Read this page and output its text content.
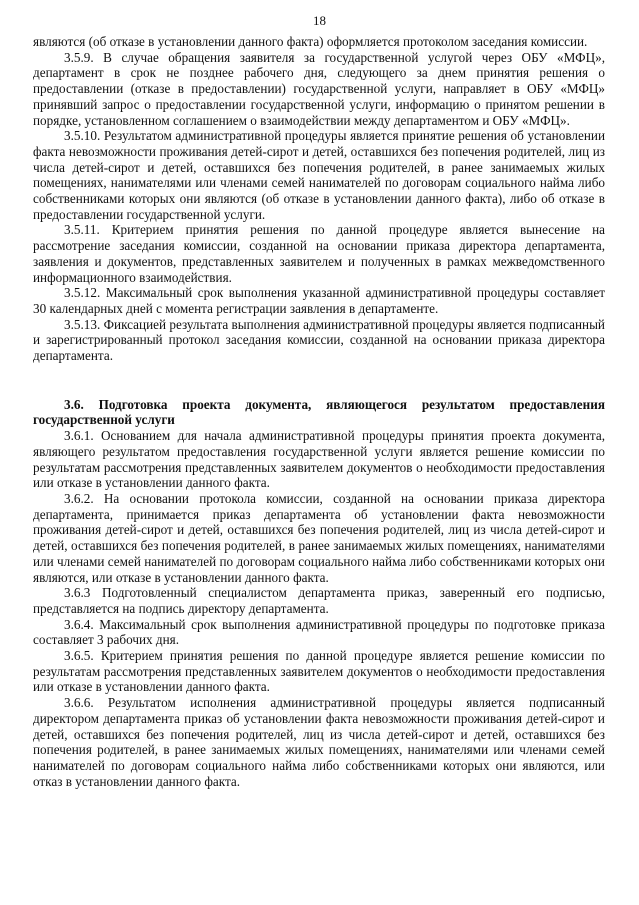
18

являются (об отказе в установлении данного факта) оформляется протоколом заседания комиссии.

3.5.9. В случае обращения заявителя за государственной услугой через ОБУ «МФЦ», департамент в срок не позднее рабочего дня, следующего за днем принятия решения о предоставлении (отказе в предоставлении) государственной услуги, направляет в ОБУ «МФЦ» принявший запрос о предоставлении государственной услуги, информацию о принятом решении в порядке, установленном соглашением о взаимодействии между департаментом и ОБУ «МФЦ».

3.5.10. Результатом административной процедуры является принятие решения об установлении факта невозможности проживания детей-сирот и детей, оставшихся без попечения родителей, лиц из числа детей-сирот и детей, оставшихся без попечения родителей, в ранее занимаемых жилых помещениях, нанимателями или членами семей нанимателей по договорам социального найма либо собственниками которых они являются (об отказе в установлении данного факта), либо об отказе в предоставлении государственной услуги.

3.5.11. Критерием принятия решения по данной процедуре является вынесение на рассмотрение заседания комиссии, созданной на основании приказа директора департамента, заявления и документов, представленных заявителем и полученных в рамках межведомственного информационного взаимодействия.

3.5.12. Максимальный срок выполнения указанной административной процедуры составляет 30 календарных дней с момента регистрации заявления в департаменте.

3.5.13. Фиксацией результата выполнения административной процедуры является подписанный и зарегистрированный протокол заседания комиссии, созданной на основании приказа директора департамента.

3.6. Подготовка проекта документа, являющегося результатом предоставления государственной услуги

3.6.1. Основанием для начала административной процедуры принятия проекта документа, являющего результатом предоставления государственной услуги является решение комиссии по результатам рассмотрения представленных заявителем документов о необходимости предоставления или отказе в установлении данного факта.

3.6.2. На основании протокола комиссии, созданной на основании приказа директора департамента, принимается приказ департамента об установлении факта невозможности проживания детей-сирот и детей, оставшихся без попечения родителей, лиц из числа детей-сирот и детей, оставшихся без попечения родителей, в ранее занимаемых жилых помещениях, нанимателями или членами семей нанимателей по договорам социального найма либо собственниками которых они являются, или отказе в установлении данного факта.

3.6.3 Подготовленный специалистом департамента приказ, заверенный его подписью, представляется на подпись директору департамента.

3.6.4. Максимальный срок выполнения административной процедуры по подготовке приказа составляет 3 рабочих дня.

3.6.5. Критерием принятия решения по данной процедуре является решение комиссии по результатам рассмотрения представленных заявителем документов о необходимости предоставления или отказе в установлении данного факта.

3.6.6. Результатом исполнения административной процедуры является подписанный директором департамента приказ об установлении факта невозможности проживания детей-сирот и детей, оставшихся без попечения родителей, лиц из числа детей-сирот и детей, оставшихся без попечения родителей, в ранее занимаемых жилых помещениях, нанимателями или членами семей нанимателей по договорам социального найма либо собственниками которых они являются, или отказ в установлении данного факта.
